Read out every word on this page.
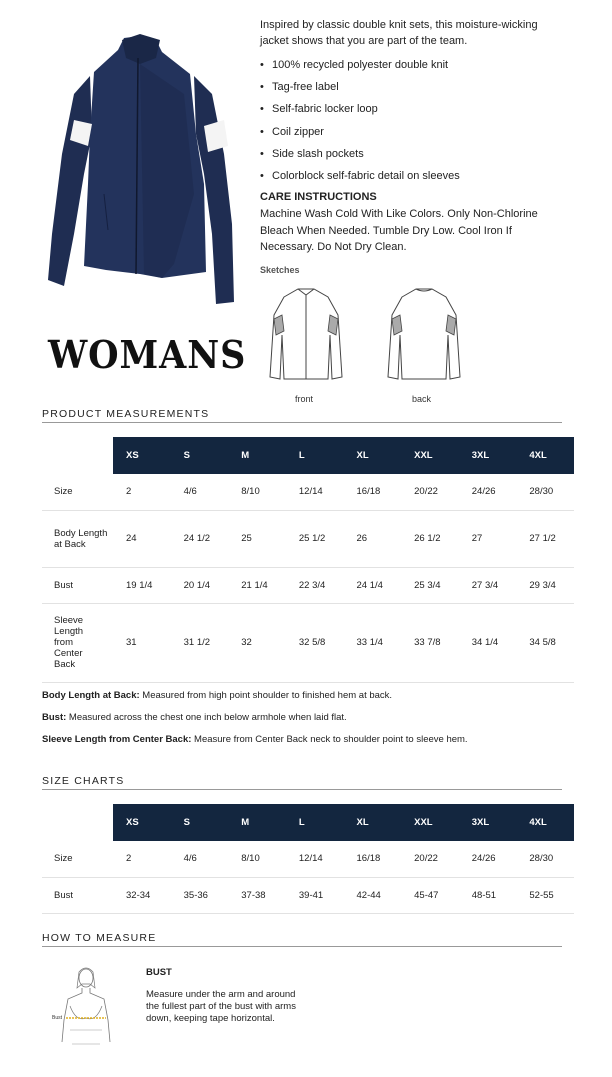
WOMANS
Inspired by classic double knit sets, this moisture-wicking jacket shows that you are part of the team.
• 100% recycled polyester double knit
• Tag-free label
• Self-fabric locker loop
• Coil zipper
• Side slash pockets
• Colorblock self-fabric detail on sleeves
CARE INSTRUCTIONS
Machine Wash Cold With Like Colors. Only Non-Chlorine Bleach When Needed. Tumble Dry Low. Cool Iron If Necessary. Do Not Dry Clean.
Sketches
front	back
PRODUCT MEASUREMENTS
	XS	S	M	L	XL	XXL	3XL	4XL
Size	2	4/6	8/10	12/14	16/18	20/22	24/26	28/30
Body Length at Back	24	24 1/2	25	25 1/2	26	26 1/2	27	27 1/2
Bust	19 1/4	20 1/4	21 1/4	22 3/4	24 1/4	25 3/4	27 3/4	29 3/4
Sleeve Length from Center Back	31	31 1/2	32	32 5/8	33 1/4	33 7/8	34 1/4	34 5/8
Body Length at Back: Measured from high point shoulder to finished hem at back.
Bust: Measured across the chest one inch below armhole when laid flat.
Sleeve Length from Center Back: Measure from Center Back neck to shoulder point to sleeve hem.
SIZE CHARTS
	XS	S	M	L	XL	XXL	3XL	4XL
Size	2	4/6	8/10	12/14	16/18	20/22	24/26	28/30
Bust	32-34	35-36	37-38	39-41	42-44	45-47	48-51	52-55
HOW TO MEASURE
Bust
BUST
Measure under the arm and around the fullest part of the bust with arms down, keeping tape horizontal.
